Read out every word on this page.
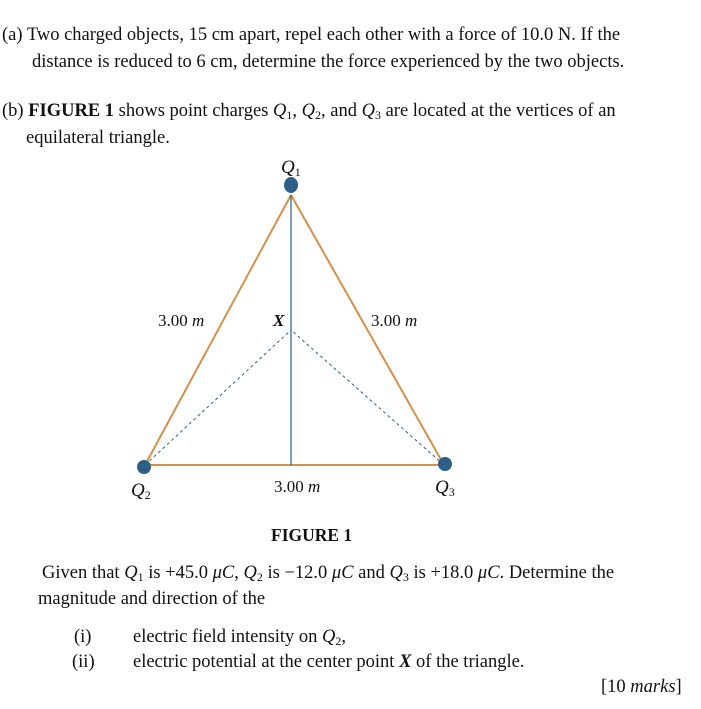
(a) Two charged objects, 15 cm apart, repel each other with a force of 10.0 N. If the
distance is reduced to 6 cm, determine the force experienced by the two objects.
(b) FIGURE 1 shows point charges $Q_1$, $Q_2$, and $Q_3$ are located at the vertices of an
equilateral triangle.
$Q_1$
$Q_2$	$Q_3$
3.00 m	3.00 m
3.00 m
X
FIGURE 1
Given that $Q_1$ is +45.0 μC, $Q_2$ is −12.0 μC and $Q_3$ is +18.0 μC. Determine the
magnitude and direction of the
(i) electric field intensity on $Q_2$,
(ii) electric potential at the center point X of the triangle.
[10 marks]
